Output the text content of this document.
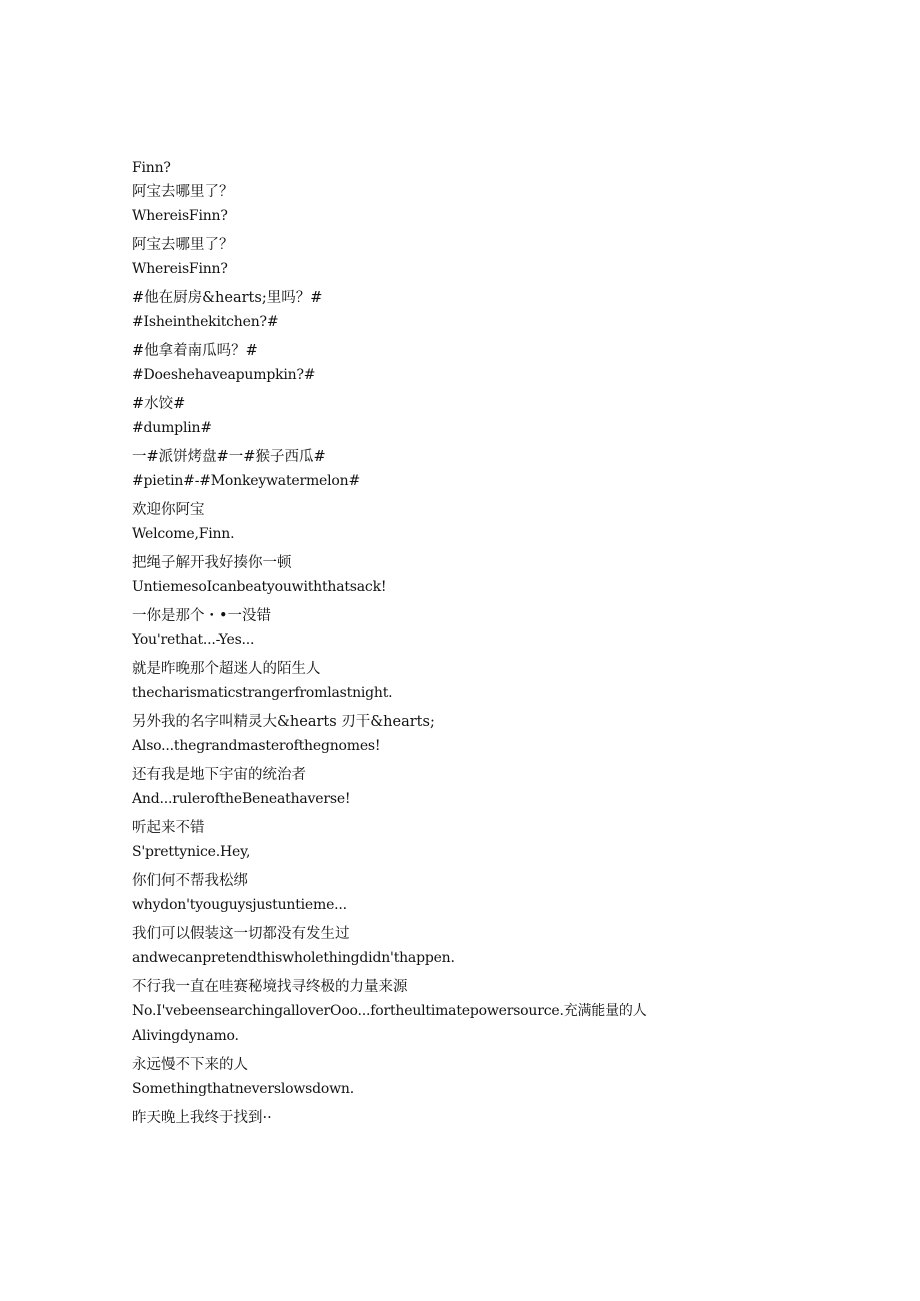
Finn?
阿宝去哪里了？
WhereisFinn?
阿宝去哪里了？
WhereisFinn?
#他在厨房&hearts;里吗？#
#Isheinthekitchen?#
#他拿着南瓜吗？#
#Doeshehaveapumpkin?#
#水饺#
#dumplin#
一#派饼烤盘#一#猴子西瓜#
#pietin#-#Monkeywatermelon#
欢迎你阿宝
Welcome,Finn.
把绳子解开我好揍你一顿
UntiemesoIcanbeatyouwiththatsack!
一你是那个・•一没错
You'rethat...-Yes...
就是昨晚那个超迷人的陌生人
thecharismaticstrangerfromlastnight.
另外我的名字叫精灵大&hearts 刃干&hearts;
Also...thegrandmasterofthegnomes!
还有我是地下宇宙的统治者
And...ruleroftheBeneathaverse!
听起来不错
S'prettynice.Hey,
你们何不帮我松绑
whydon'tyouguysjustuntieme...
我们可以假装这一切都没有发生过
andwecanpretendthiswholethingdidn'thappen.
不行我一直在哇赛秘境找寻终极的力量来源
No.I'vebeensearchingalloverOoo...fortheultimatepowersource.充满能量的人
Alivingdynamo.
永远慢不下来的人
Somethingthatneverslowsdown.
昨天晚上我终于找到··
